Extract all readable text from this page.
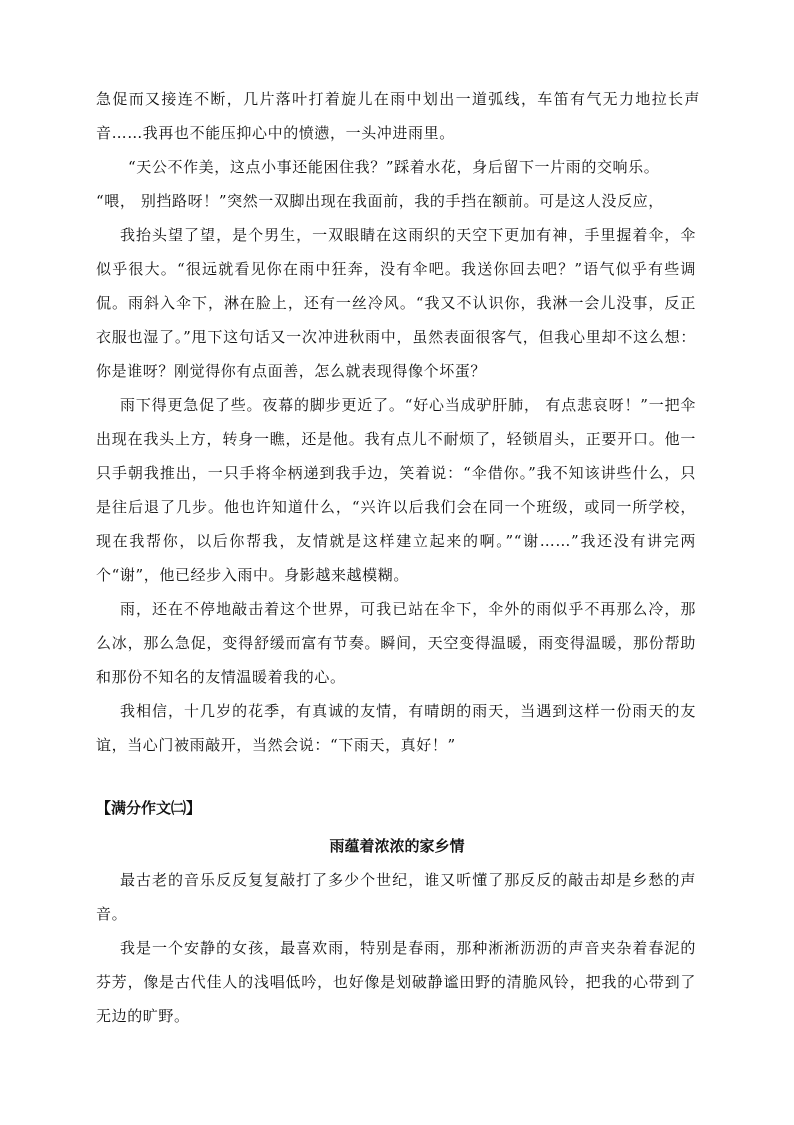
急促而又接连不断，几片落叶打着旋儿在雨中划出一道弧线，车笛有气无力地拉长声音……我再也不能压抑心中的愤懑，一头冲进雨里。

“天公不作美，这点小事还能困住我？”踩着水花，身后留下一片雨的交响乐。

“喂， 别挡路呀！”突然一双脚出现在我面前，我的手挡在额前。可是这人没反应，

我抬头望了望，是个男生，一双眼睛在这雨织的天空下更加有神，手里握着伞，伞似乎很大。“很远就看见你在雨中狂奔，没有伞吧。我送你回去吧？”语气似乎有些调侃。雨斜入伞下，淋在脸上，还有一丝冷风。“我又不认识你，我淋一会儿没事，反正衣服也湿了。”甩下这句话又一次冲进秋雨中，虽然表面很客气，但我心里却不这么想：你是谁呀？刚觉得你有点面善，怎么就表现得像个坏蛋？

雨下得更急促了些。夜幕的脚步更近了。“好心当成驴肝肺， 有点悲哀呀！”一把伞出现在我头上方，转身一瞧，还是他。我有点儿不耐烦了，轻锁眉头，正要开口。他一只手朝我推出，一只手将伞柄递到我手边，笑着说：“伞借你。”我不知该讲些什么，只是往后退了几步。他也许知道什么，“兴许以后我们会在同一个班级，或同一所学校，现在我帮你，以后你帮我，友情就是这样建立起来的啊。”“谢……”我还没有讲完两个“谢”，他已经步入雨中。身影越来越模糊。

雨，还在不停地敲击着这个世界，可我已站在伞下，伞外的雨似乎不再那么冷，那么冰，那么急促，变得舒缓而富有节奏。瞬间，天空变得温暖，雨变得温暖，那份帮助和那份不知名的友情温暖着我的心。

我相信，十几岁的花季，有真诚的友情，有晴朗的雨天，当遇到这样一份雨天的友谊，当心门被雨敲开，当然会说：“下雨天，真好！”

【满分作文㈡】

雨蕴着浓浓的家乡情

最古老的音乐反反复复敲打了多少个世纪，谁又听懂了那反反的敲击却是乡愁的声音。

我是一个安静的女孩，最喜欢雨，特别是春雨，那种淅淅沥沥的声音夹杂着春泥的芬芳，像是古代佳人的浅唱低吟，也好像是划破静谧田野的清脆风铃，把我的心带到了无边的旷野。
